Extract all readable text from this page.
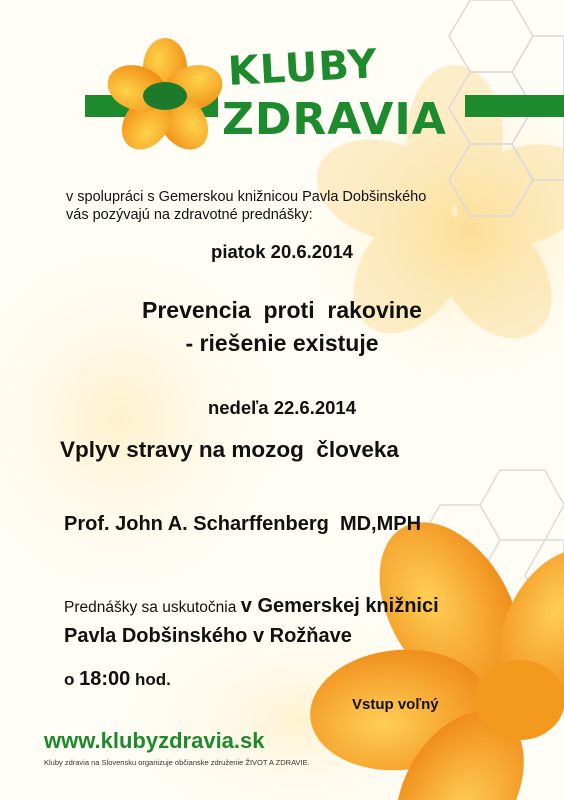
KLUBY
ZDRAVIA
v spolupráci s Gemerskou knižnicou Pavla Dobšinského
vás pozývajú na zdravotné prednášky:
piatok 20.6.2014
Prevencia  proti  rakovine
- riešenie existuje
nedeľa 22.6.2014
Vplyv stravy na mozog  človeka
Prof. John A. Scharffenberg  MD,MPH
Prednášky sa uskutočnia v Gemerskej knižnici
Pavla Dobšinského v Rožňave
o 18:00 hod.
Vstup voľný
www.klubyzdravia.sk
Kluby zdravia na Slovensku organizuje občianske združenie ŽIVOT A ZDRAVIE.
